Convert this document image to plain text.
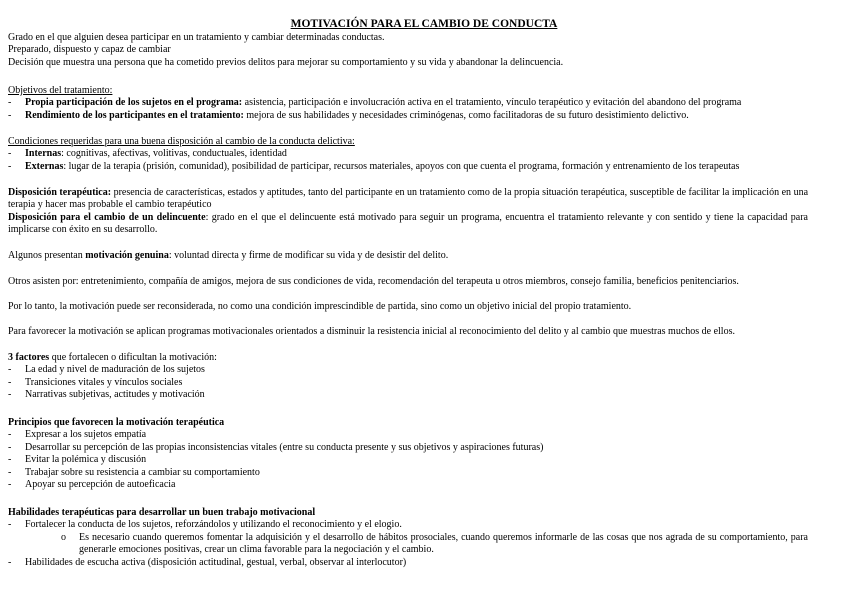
MOTIVACIÓN PARA EL CAMBIO DE CONDUCTA

Grado en el que alguien desea participar en un tratamiento y cambiar determinadas conductas.

Preparado, dispuesto y capaz de cambiar

Decisión que muestra una persona que ha cometido previos delitos para mejorar su comportamiento y su vida y abandonar la delincuencia.

Objetivos del tratamiento:

- Propia participación de los sujetos en el programa: asistencia, participación e involucración activa en el tratamiento, vínculo terapéutico y evitación del abandono del programa
- Rendimiento de los participantes en el tratamiento: mejora de sus habilidades y necesidades criminógenas, como facilitadoras de su futuro desistimiento delictivo.

Condiciones requeridas para una buena disposición al cambio de la conducta delictiva:

- Internas: cognitivas, afectivas, volitivas, conductuales, identidad
- Externas: lugar de la terapia (prisión, comunidad), posibilidad de participar, recursos materiales, apoyos con que cuenta el programa, formación y entrenamiento de los terapeutas

Disposición terapéutica: presencia de características, estados y aptitudes, tanto del participante en un tratamiento como de la propia situación terapéutica, susceptible de facilitar la implicación en una terapia y hacer mas probable el cambio terapéutico

Disposición para el cambio de un delincuente: grado en el que el delincuente está motivado para seguir un programa, encuentra el tratamiento relevante y con sentido y tiene la capacidad para implicarse con éxito en su desarrollo.

Algunos presentan motivación genuina: voluntad directa y firme de modificar su vida y de desistir del delito.

Otros asisten por: entretenimiento, compañía de amigos, mejora de sus condiciones de vida, recomendación del terapeuta u otros miembros, consejo familia, beneficios penitenciarios.

Por lo tanto, la motivación puede ser reconsiderada, no como una condición imprescindible de partida, sino como un objetivo inicial del propio tratamiento.

Para favorecer la motivación se aplican programas motivacionales orientados a disminuir la resistencia inicial al reconocimiento del delito y al cambio que muestras muchos de ellos.

3 factores que fortalecen o dificultan la motivación:

- La edad y nivel de maduración de los sujetos
- Transiciones vitales y vínculos sociales
- Narrativas subjetivas, actitudes y motivación

Principios que favorecen la motivación terapéutica

- Expresar a los sujetos empatía
- Desarrollar su percepción de las propias inconsistencias vitales (entre su conducta presente y sus objetivos y aspiraciones futuras)
- Evitar la polémica y discusión
- Trabajar sobre su resistencia a cambiar su comportamiento
- Apoyar su percepción de autoeficacia

Habilidades terapéuticas para desarrollar un buen trabajo motivacional

- Fortalecer la conducta de los sujetos, reforzándolos y utilizando el reconocimiento y el elogio.
o Es necesario cuando queremos fomentar la adquisición y el desarrollo de hábitos prosociales, cuando queremos informarle de las cosas que nos agrada de su comportamiento, para generarle emociones positivas, crear un clima favorable para la negociación y el cambio.
- Habilidades de escucha activa (disposición actitudinal, gestual, verbal, observar al interlocutor)
